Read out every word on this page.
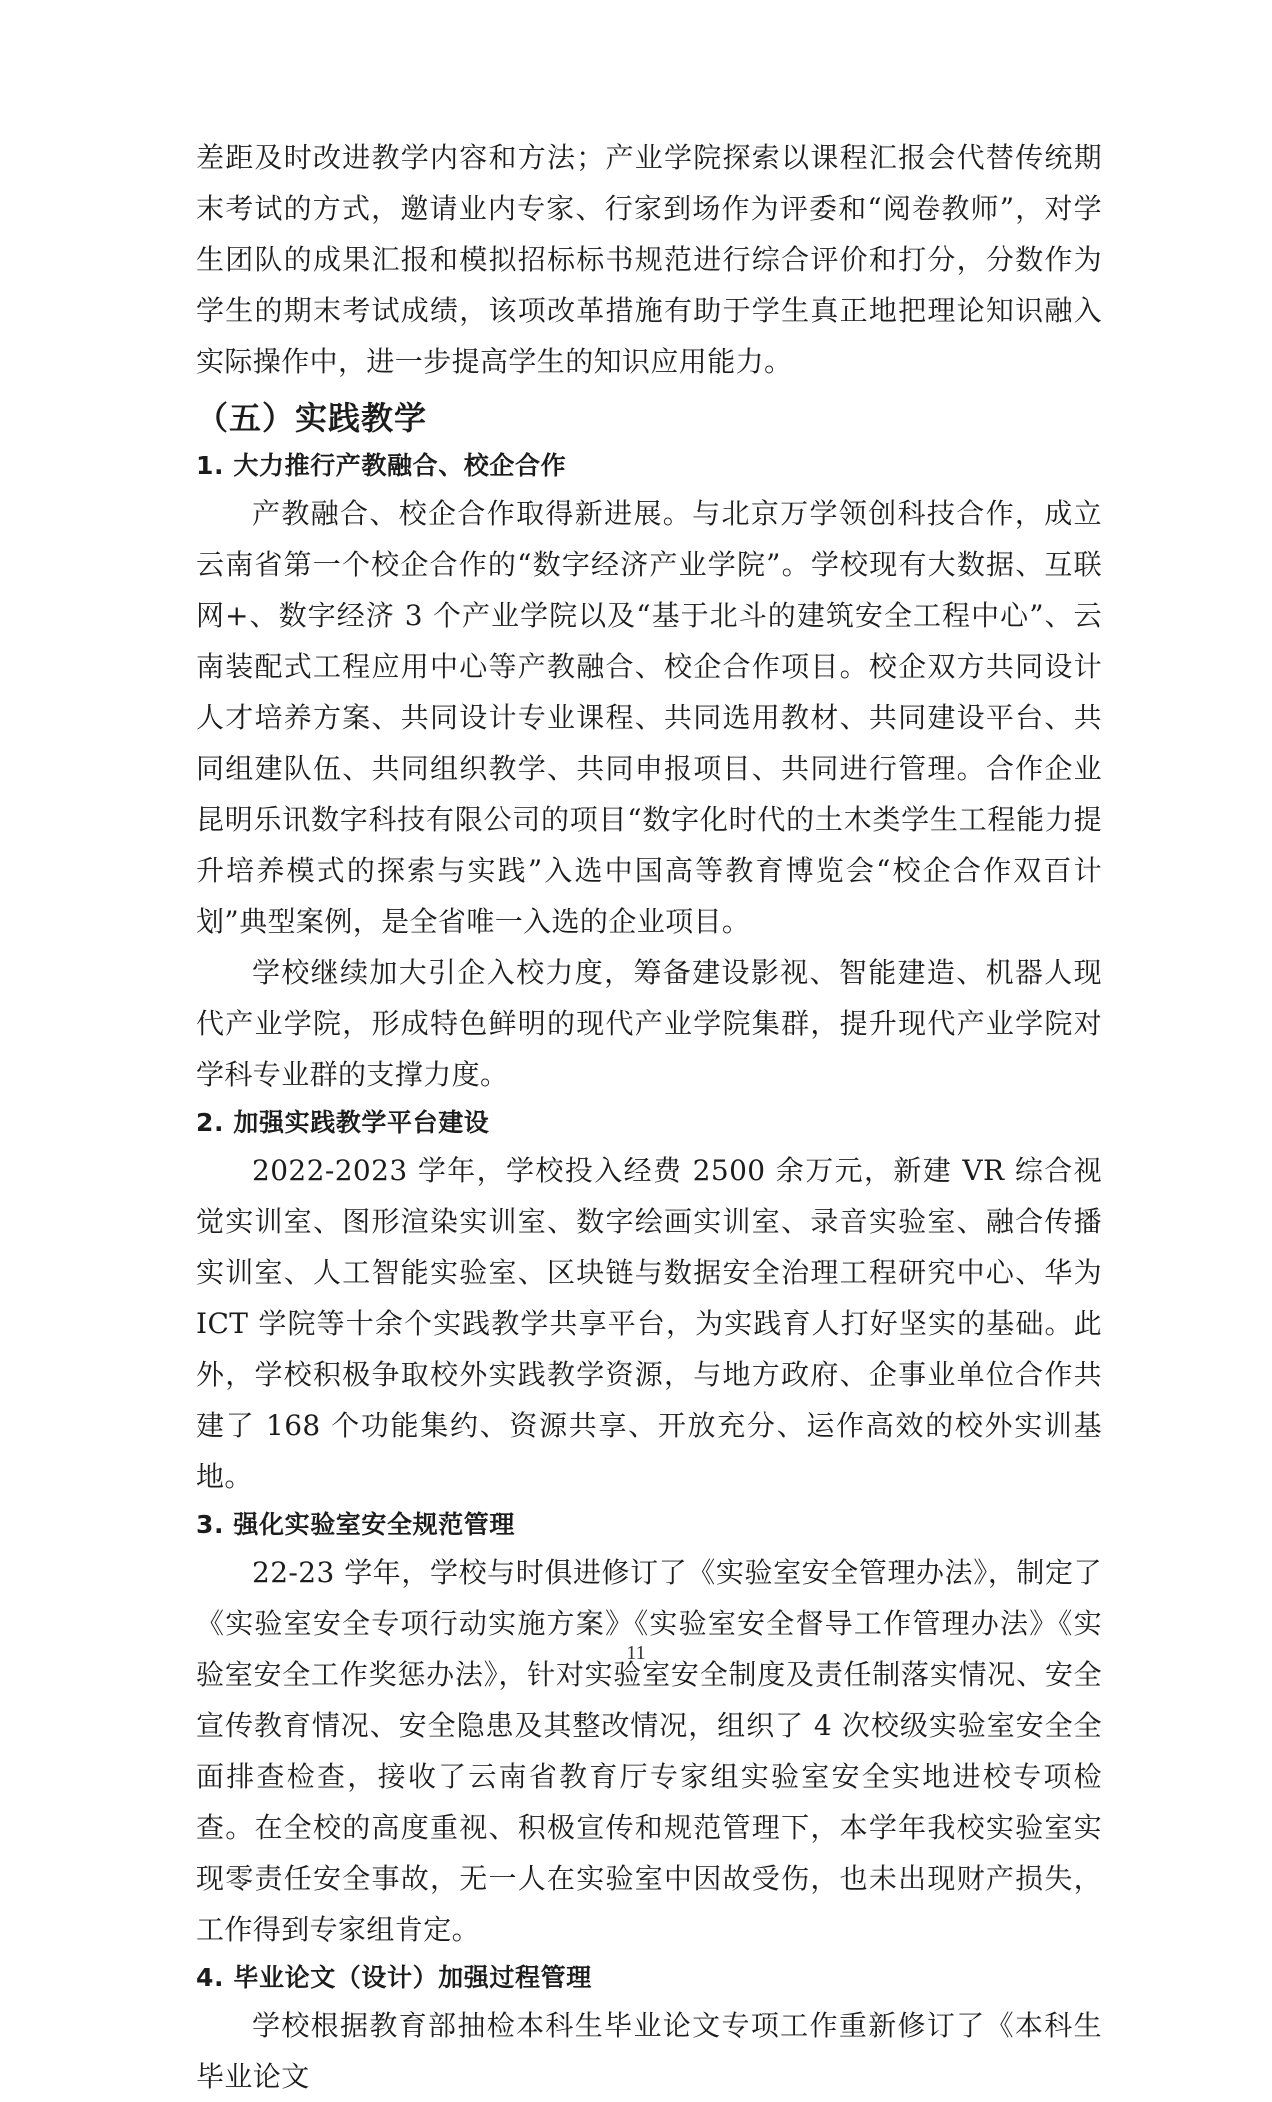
差距及时改进教学内容和方法；产业学院探索以课程汇报会代替传统期末考试的方式，邀请业内专家、行家到场作为评委和“阅卷教师”，对学生团队的成果汇报和模拟招标标书规范进行综合评价和打分，分数作为学生的期末考试成绩，该项改革措施有助于学生真正地把理论知识融入实际操作中，进一步提高学生的知识应用能力。

（五）实践教学
1. 大力推行产教融合、校企合作

产教融合、校企合作取得新进展。与北京万学领创科技合作，成立云南省第一个校企合作的“数字经济产业学院”。学校现有大数据、互联网+、数字经济 3 个产业学院以及“基于北斗的建筑安全工程中心”、云南装配式工程应用中心等产教融合、校企合作项目。校企双方共同设计人才培养方案、共同设计专业课程、共同选用教材、共同建设平台、共同组建队伍、共同组织教学、共同申报项目、共同进行管理。合作企业昆明乐讯数字科技有限公司的项目“数字化时代的土木类学生工程能力提升培养模式的探索与实践”入选中国高等教育博览会“校企合作双百计划”典型案例，是全省唯一入选的企业项目。

学校继续加大引企入校力度，筹备建设影视、智能建造、机器人现代产业学院，形成特色鲜明的现代产业学院集群，提升现代产业学院对学科专业群的支撑力度。

2. 加强实践教学平台建设

2022-2023 学年，学校投入经费 2500 余万元，新建 VR 综合视觉实训室、图形渲染实训室、数字绘画实训室、录音实验室、融合传播实训室、人工智能实验室、区块链与数据安全治理工程研究中心、华为 ICT 学院等十余个实践教学共享平台，为实践育人打好坚实的基础。此外，学校积极争取校外实践教学资源，与地方政府、企事业单位合作共建了 168 个功能集约、资源共享、开放充分、运作高效的校外实训基地。

3. 强化实验室安全规范管理

22-23 学年，学校与时俱进修订了《实验室安全管理办法》，制定了《实验室安全专项行动实施方案》《实验室安全督导工作管理办法》《实验室安全工作奖惩办法》，针对实验室安全制度及责任制落实情况、安全宣传教育情况、安全隐患及其整改情况，组织了 4 次校级实验室安全全面排查检查，接收了云南省教育厅专家组实验室安全实地进校专项检查。在全校的高度重视、积极宣传和规范管理下，本学年我校实验室实现零责任安全事故，无一人在实验室中因故受伤，也未出现财产损失，工作得到专家组肯定。

4. 毕业论文（设计）加强过程管理

学校根据教育部抽检本科生毕业论文专项工作重新修订了《本科生毕业论文

11
